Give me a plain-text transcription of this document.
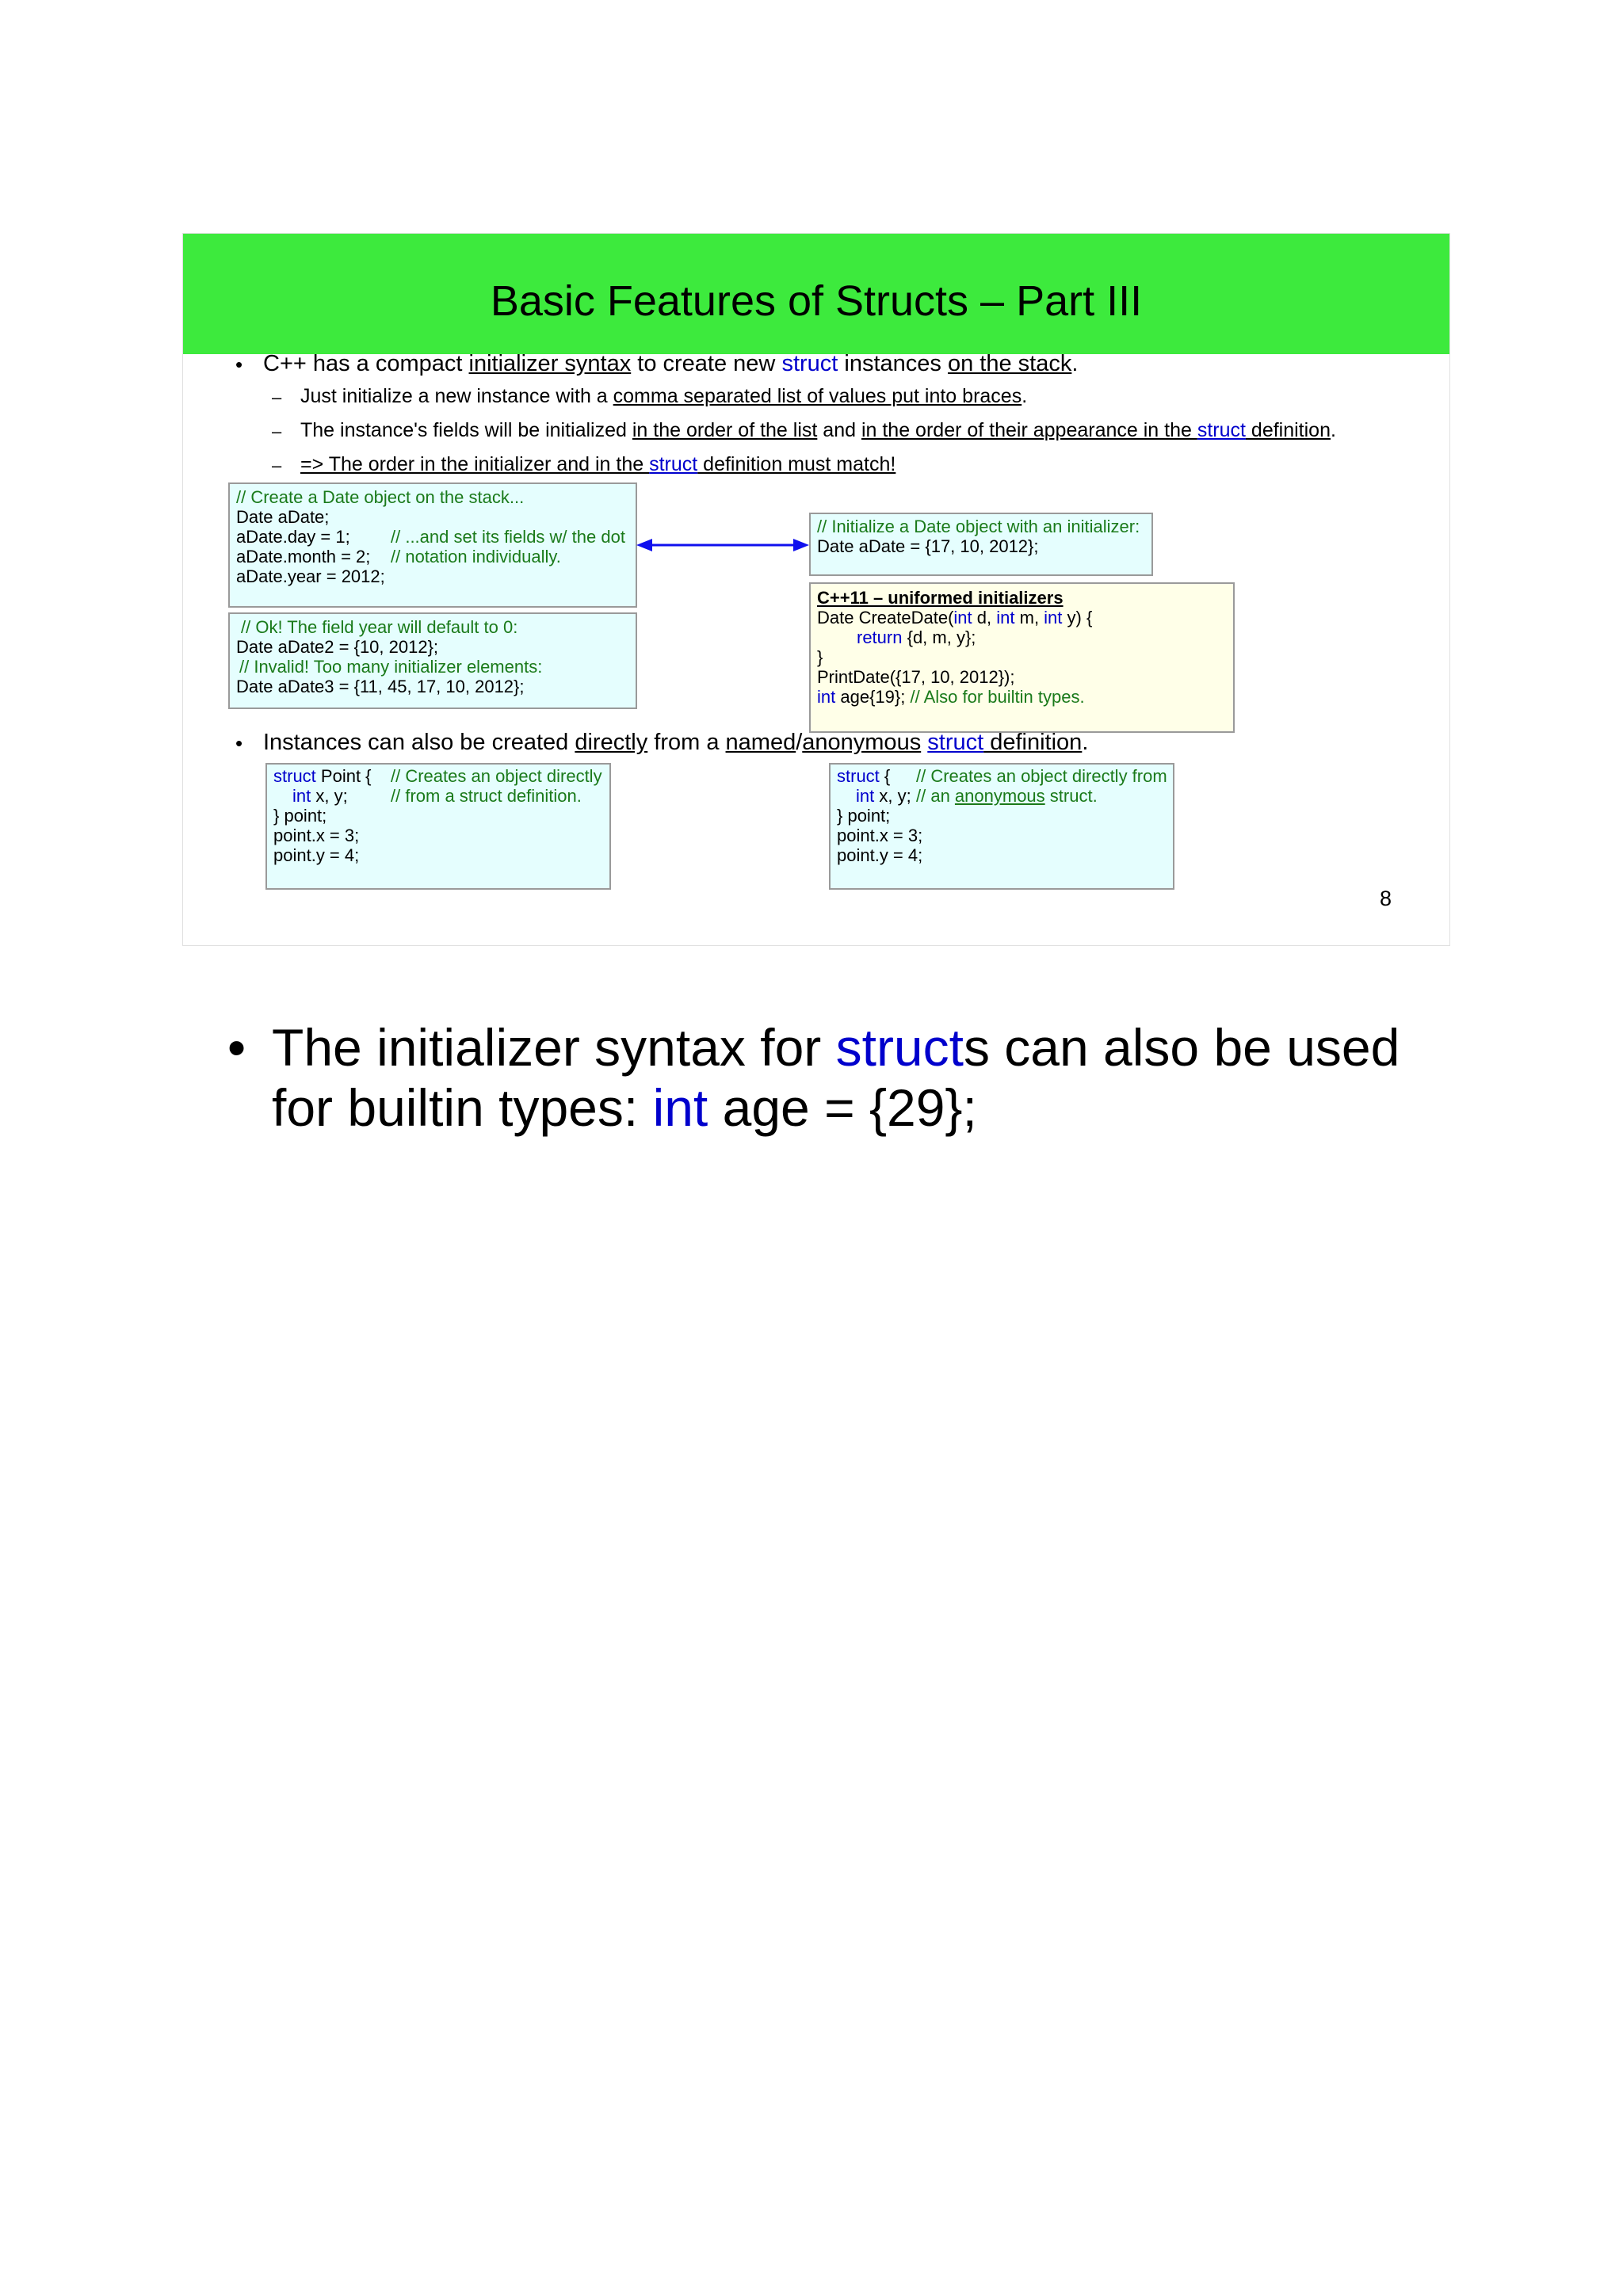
Basic Features of Structs – Part III
• C++ has a compact initializer syntax to create new struct instances on the stack.
– Just initialize a new instance with a comma separated list of values put into braces.
– The instance's fields will be initialized in the order of the list and in the order of their appearance in the struct definition.
– => The order in the initializer and in the struct definition must match!
// Create a Date object on the stack...
Date aDate;
aDate.day = 1; // ...and set its fields w/ the dot
aDate.month = 2; // notation individually.
aDate.year = 2012;
// Ok! The field year will default to 0:
Date aDate2 = {10, 2012};
// Invalid! Too many initializer elements:
Date aDate3 = {11, 45, 17, 10, 2012};
// Initialize a Date object with an initializer:
Date aDate = {17, 10, 2012};
C++11 – uniformed initializers
Date CreateDate(int d, int m, int y) {
return {d, m, y};
}
PrintDate({17, 10, 2012});
int age{19}; // Also for builtin types.
• Instances can also be created directly from a named/anonymous struct definition.
struct Point { // Creates an object directly
int x, y; // from a struct definition.
} point;
point.x = 3;
point.y = 4;
struct { // Creates an object directly from
int x, y; // an anonymous struct.
} point;
point.x = 3;
point.y = 4;
8
• The initializer syntax for structs can also be used
for builtin types: int age = {29};
